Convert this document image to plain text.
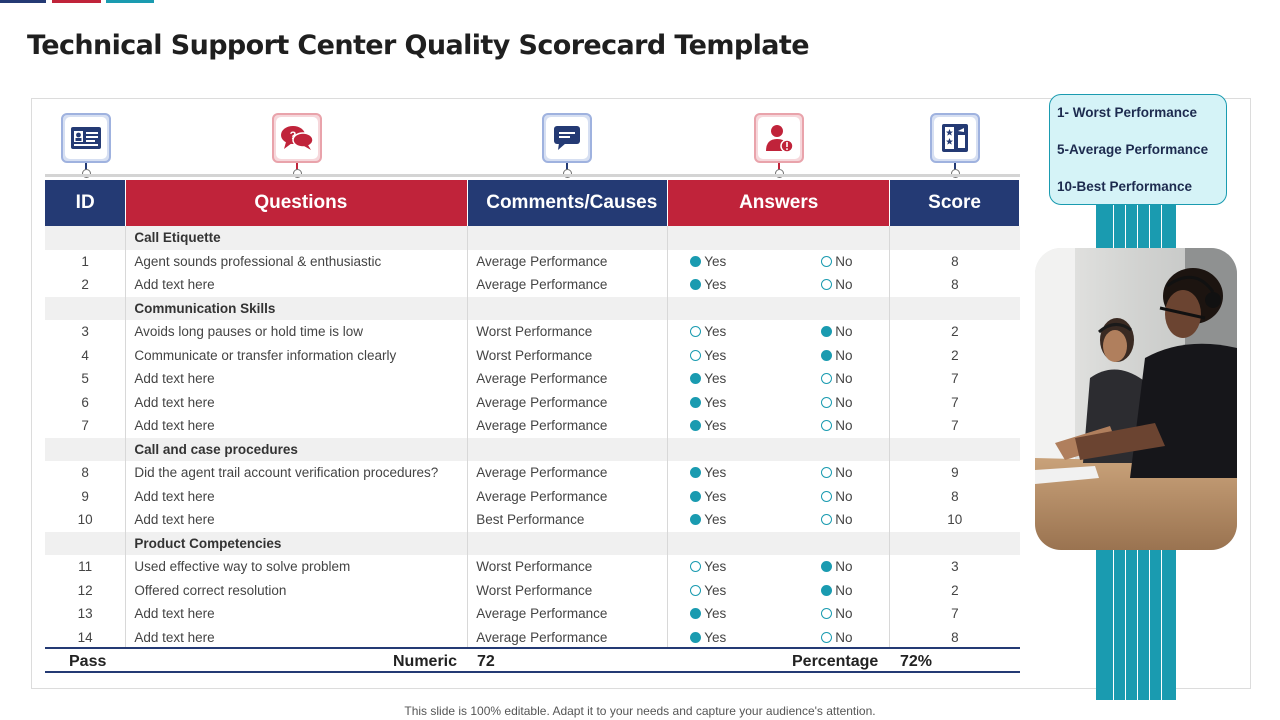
Technical Support Center Quality Scorecard Template
?
ID	Questions	Comments/Causes	Answers	Score
	Call Etiquette			
1	Agent sounds professional & enthusiastic	Average Performance	Yes No	8
2	Add text here	Average Performance	Yes No	8
	Communication Skills			
3	Avoids long pauses or hold time is low	Worst Performance	Yes No	2
4	Communicate or transfer information clearly	Worst Performance	Yes No	2
5	Add text here	Average Performance	Yes No	7
6	Add text here	Average Performance	Yes No	7
7	Add text here	Average Performance	Yes No	7
	Call and case procedures			
8	Did the agent trail account verification procedures?	Average Performance	Yes No	9
9	Add text here	Average Performance	Yes No	8
10	Add text here	Best Performance	Yes No	10
	Product Competencies			
11	Used effective way to solve problem	Worst Performance	Yes No	3
12	Offered correct resolution	Worst Performance	Yes No	2
13	Add text here	Average Performance	Yes No	7
14	Add text here	Average Performance	Yes No	8
Pass	Numeric 72	Percentage 72%
1- Worst Performance
5-Average Performance
10-Best Performance
This slide is 100% editable. Adapt it to your needs and capture your audience's attention.
